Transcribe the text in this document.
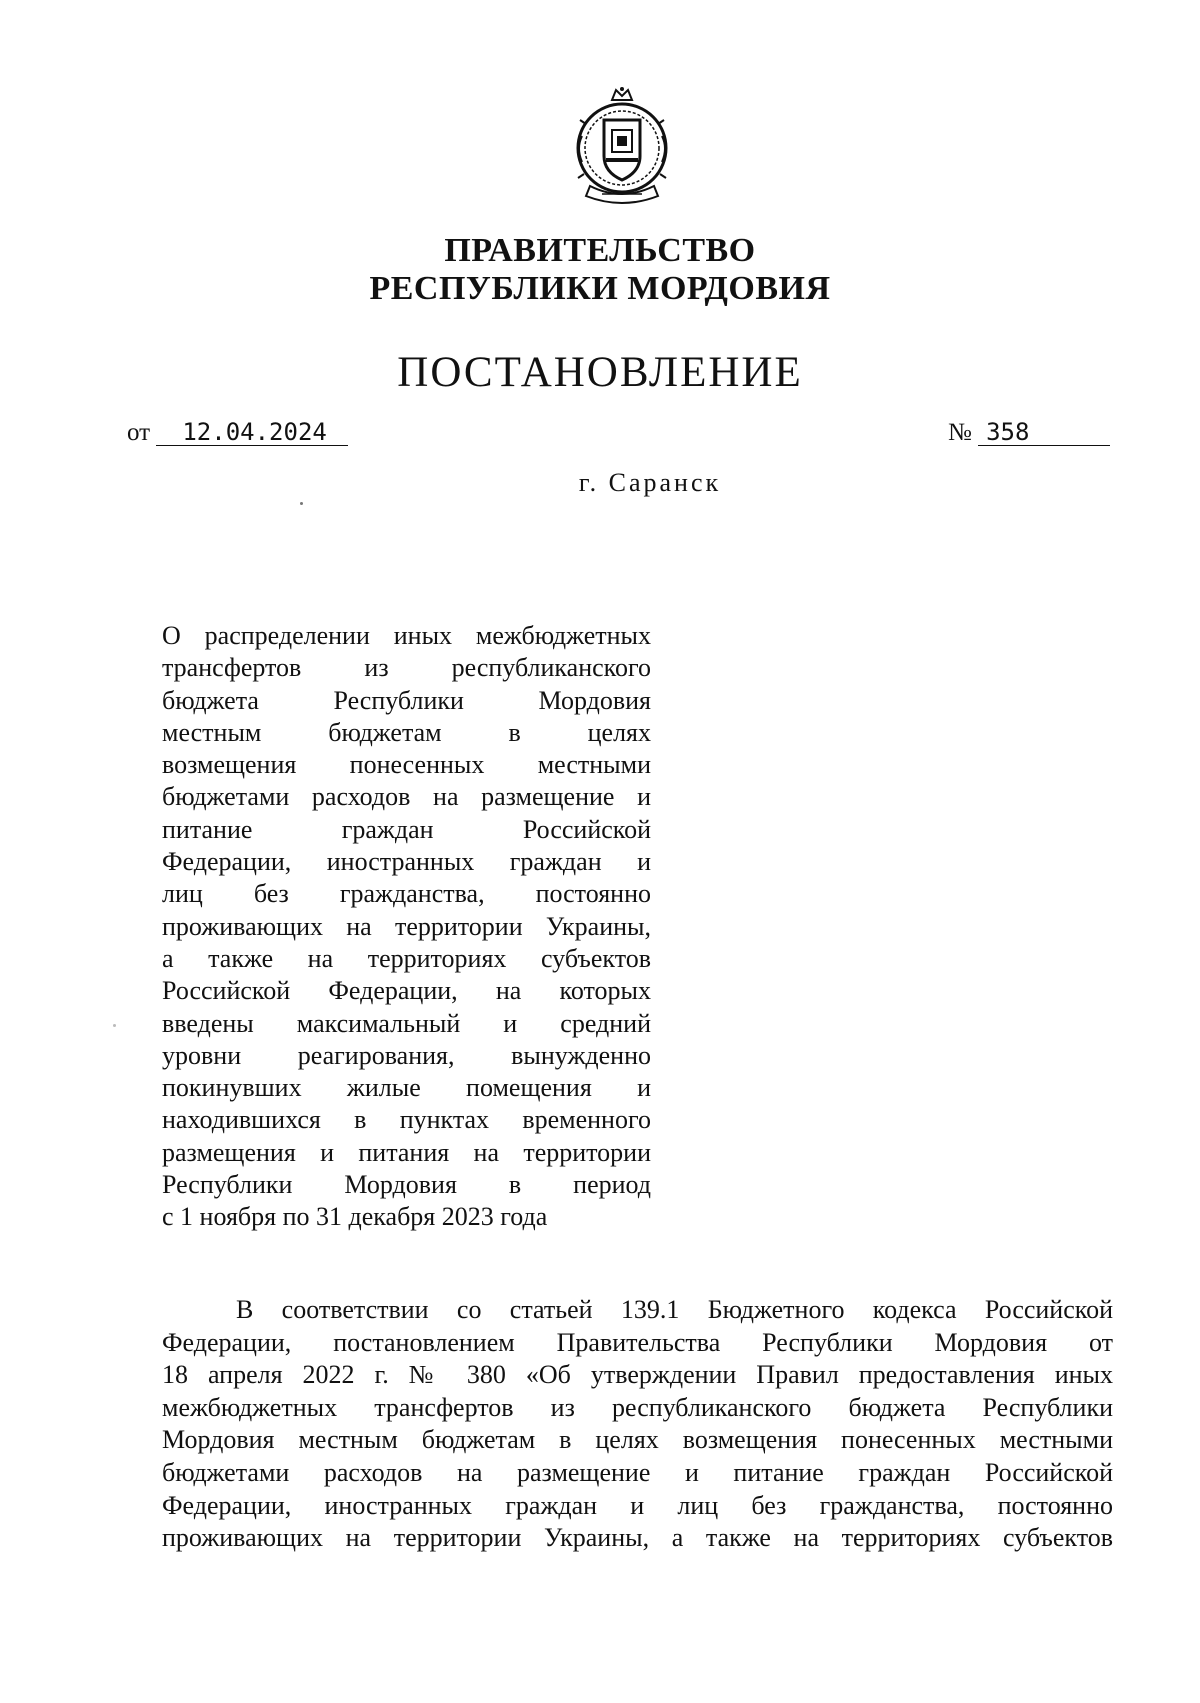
ПРАВИТЕЛЬСТВО
РЕСПУБЛИКИ МОРДОВИЯ
ПОСТАНОВЛЕНИЕ
от 12.04.2024	№ 358
г. Саранск
О распределении иных межбюджетных
трансфертов из республиканского
бюджета Республики Мордовия
местным бюджетам в целях
возмещения понесенных местными
бюджетами расходов на размещение и
питание граждан Российской
Федерации, иностранных граждан и
лиц без гражданства, постоянно
проживающих на территории Украины,
а также на территориях субъектов
Российской Федерации, на которых
введены максимальный и средний
уровни реагирования, вынужденно
покинувших жилые помещения и
находившихся в пунктах временного
размещения и питания на территории
Республики Мордовия в период
с 1 ноября по 31 декабря 2023 года
В соответствии со статьей 139.1 Бюджетного кодекса Российской
Федерации, постановлением Правительства Республики Мордовия от
18 апреля 2022 г. № 380 «Об утверждении Правил предоставления иных
межбюджетных трансфертов из республиканского бюджета Республики
Мордовия местным бюджетам в целях возмещения понесенных местными
бюджетами расходов на размещение и питание граждан Российской
Федерации, иностранных граждан и лиц без гражданства, постоянно
проживающих на территории Украины, а также на территориях субъектов
